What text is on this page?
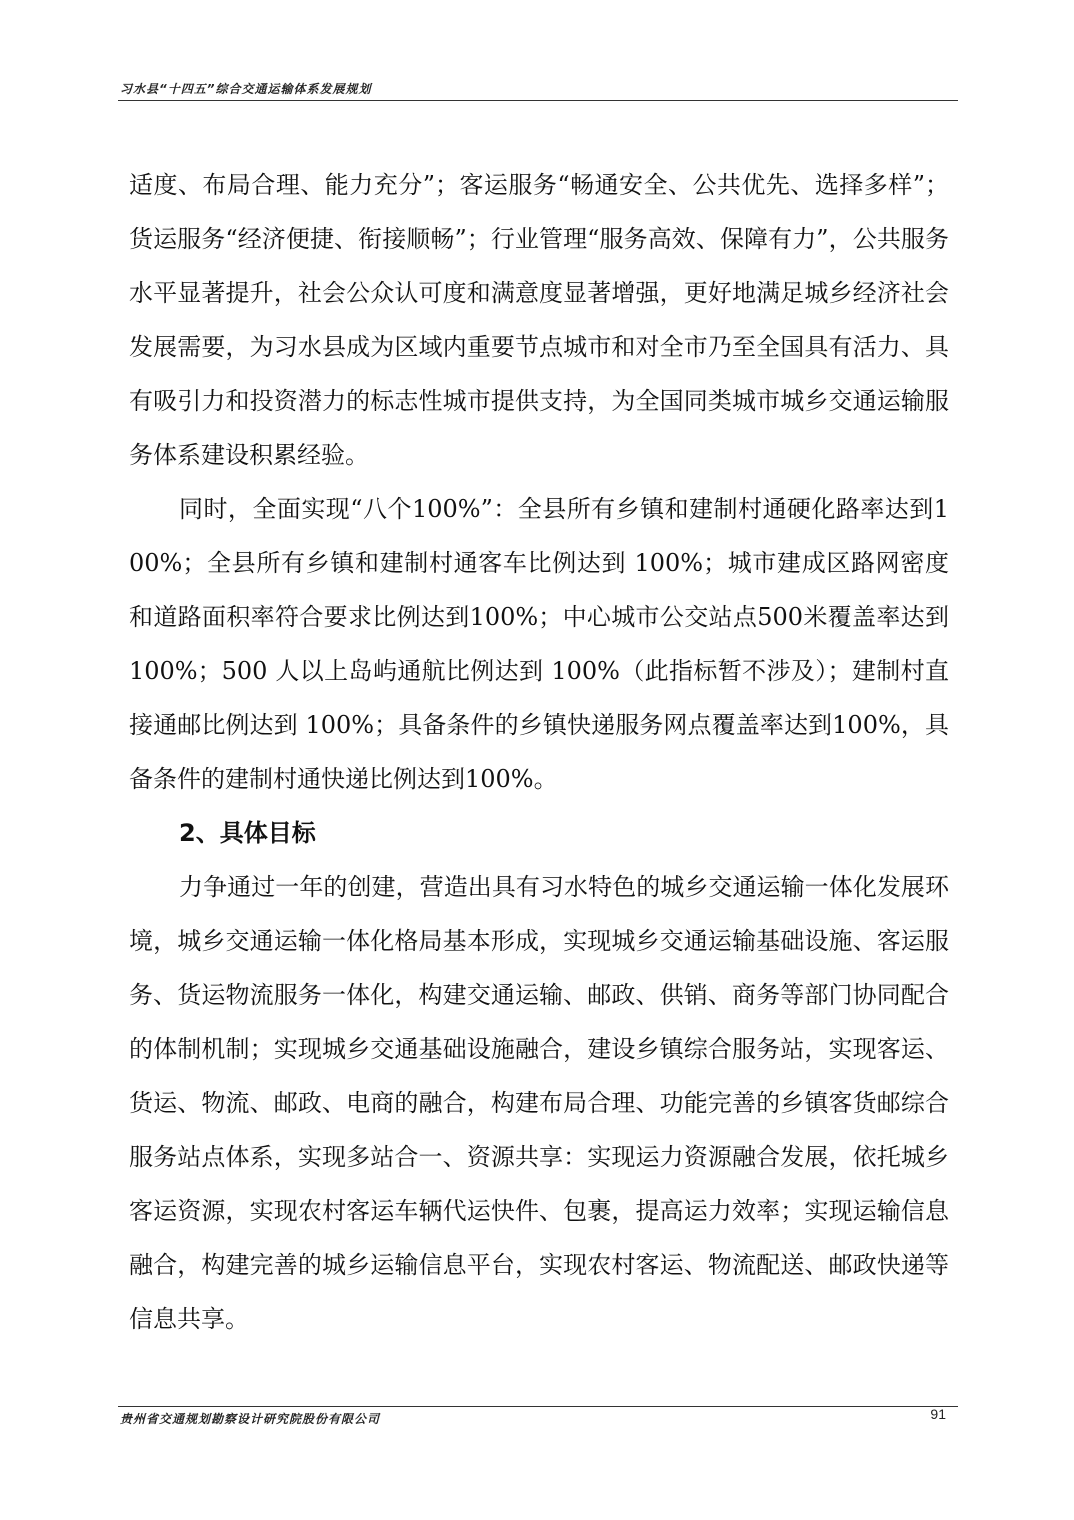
习水县“十四五”综合交通运输体系发展规划

适度、布局合理、能力充分”；客运服务“畅通安全、公共优先、选择多样”；货运服务“经济便捷、衔接顺畅”；行业管理“服务高效、保障有力”，公共服务水平显著提升，社会公众认可度和满意度显著增强，更好地满足城乡经济社会发展需要，为习水县成为区域内重要节点城市和对全市乃至全国具有活力、具有吸引力和投资潜力的标志性城市提供支持，为全国同类城市城乡交通运输服务体系建设积累经验。

同时，全面实现“八个100%”：全县所有乡镇和建制村通硬化路率达到100%；全县所有乡镇和建制村通客车比例达到 100%；城市建成区路网密度和道路面积率符合要求比例达到100%；中心城市公交站点500米覆盖率达到 100%；500 人以上岛屿通航比例达到 100%（此指标暂不涉及）；建制村直接通邮比例达到 100%；具备条件的乡镇快递服务网点覆盖率达到100%，具备条件的建制村通快递比例达到100%。

2、具体目标

力争通过一年的创建，营造出具有习水特色的城乡交通运输一体化发展环境，城乡交通运输一体化格局基本形成，实现城乡交通运输基础设施、客运服务、货运物流服务一体化，构建交通运输、邮政、供销、商务等部门协同配合的体制机制；实现城乡交通基础设施融合，建设乡镇综合服务站，实现客运、货运、物流、邮政、电商的融合，构建布局合理、功能完善的乡镇客货邮综合服务站点体系，实现多站合一、资源共享：实现运力资源融合发展，依托城乡客运资源，实现农村客运车辆代运快件、包裹，提高运力效率；实现运输信息融合，构建完善的城乡运输信息平台，实现农村客运、物流配送、邮政快递等信息共享。

贵州省交通规划勘察设计研究院股份有限公司	91
